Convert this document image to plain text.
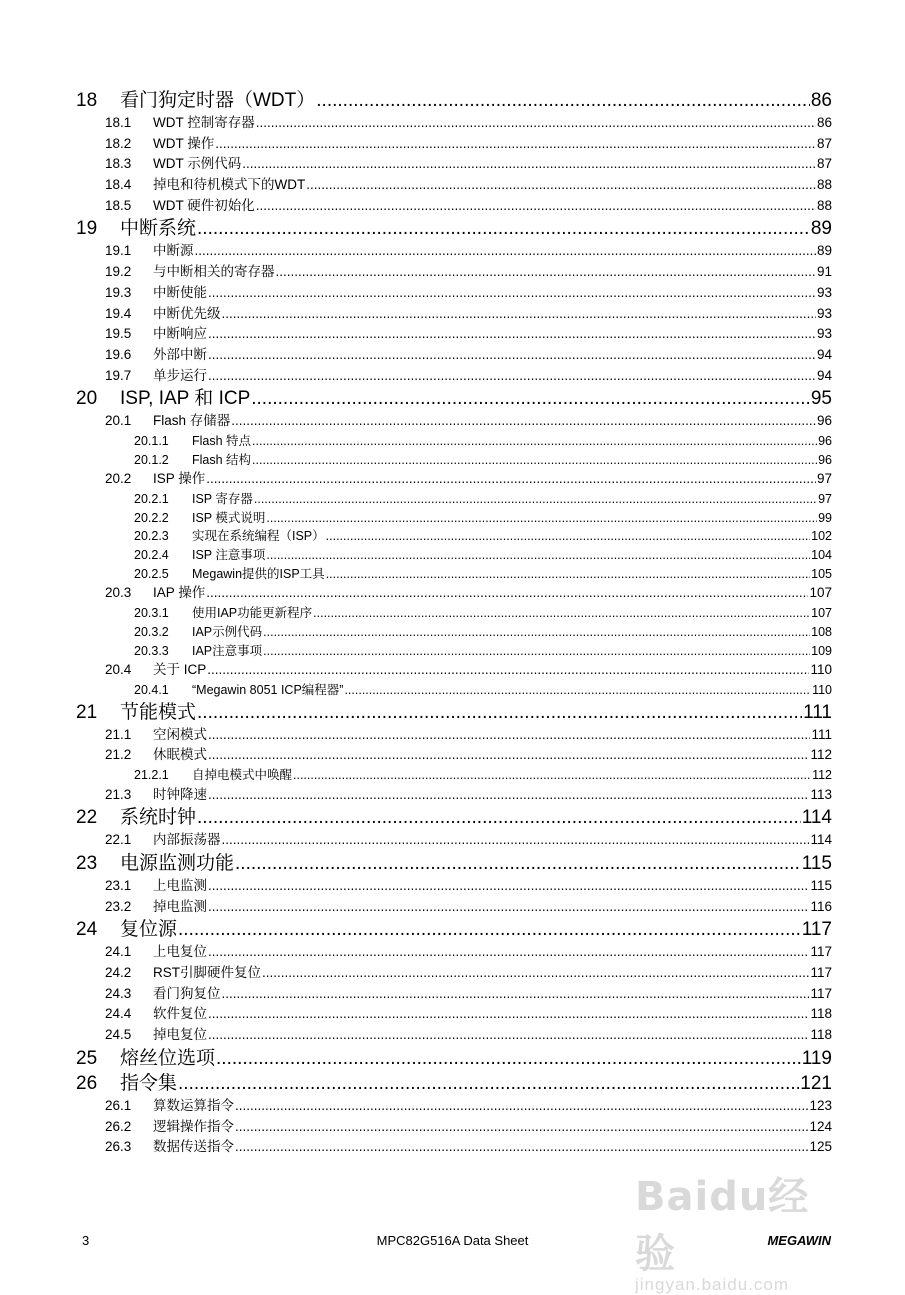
18	看门狗定时器（WDT） .....	86
18.1	WDT 控制寄存器 .....	86
18.2	WDT 操作 .....	87
18.3	WDT 示例代码 .....	87
18.4	掉电和待机模式下的WDT .....	88
18.5	WDT 硬件初始化 .....	88
19	中断系统 .....	89
19.1	中断源 .....	89
19.2	与中断相关的寄存器 .....	91
19.3	中断使能 .....	93
19.4	中断优先级 .....	93
19.5	中断响应 .....	93
19.6	外部中断 .....	94
19.7	单步运行 .....	94
20	ISP, IAP 和 ICP .....	95
20.1	Flash 存储器 .....	96
20.1.1	Flash 特点 .....	96
20.1.2	Flash 结构 .....	96
20.2	ISP 操作 .....	97
20.2.1	ISP 寄存器 .....	97
20.2.2	ISP 模式说明 .....	99
20.2.3	实现在系统编程（ISP） .....	102
20.2.4	ISP 注意事项 .....	104
20.2.5	Megawin提供的ISP工具 .....	105
20.3	IAP 操作 .....	107
20.3.1	使用IAP功能更新程序 .....	107
20.3.2	IAP示例代码 .....	108
20.3.3	IAP注意事项 .....	109
20.4	关于 ICP .....	110
20.4.1	“Megawin 8051 ICP编程器” .....	110
21	节能模式 .....	111
21.1	空闲模式 .....	111
21.2	休眠模式 .....	112
21.2.1	自掉电模式中唤醒 .....	112
21.3	时钟降速 .....	113
22	系统时钟 .....	114
22.1	内部振荡器 .....	114
23	电源监测功能 .....	115
23.1	上电监测 .....	115
23.2	掉电监测 .....	116
24	复位源 .....	117
24.1	上电复位 .....	117
24.2	RST引脚硬件复位 .....	117
24.3	看门狗复位 .....	117
24.4	软件复位 .....	118
24.5	掉电复位 .....	118
25	熔丝位选项 .....	119
26	指令集 .....	121
26.1	算数运算指令 .....	123
26.2	逻辑操作指令 .....	124
26.3	数据传送指令 .....	125
3	MPC82G516A Data Sheet	MEGAWIN
Baidu经验
jingyan.baidu.com
